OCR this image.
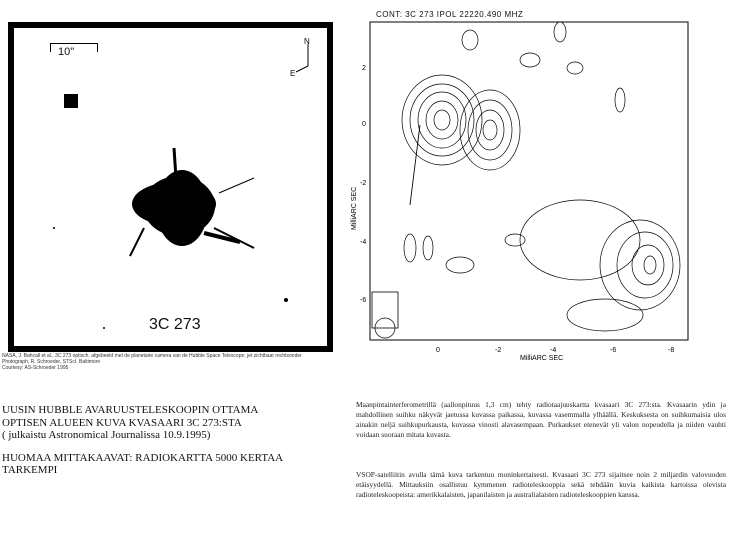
10"
N
E
3C 273
NASA, J. Bahcall et al., 3C 273 optisch, afgebeeld met de planetaire camera van de Hubble Space Telescope; jet zichtbaar rechtsonder
Photograph, R. Schroeder, STScI, Baltimore
Courtesy: AS-Schroeder 1995
CONT: 3C 273 IPOL 22220.490 MHZ
2
0
-2
-4
-6
0	-2	-4	-6	-8
MilliARC SEC
MilliARC SEC
UUSIN HUBBLE AVARUUSTELESKOOPIN OTTAMA
OPTISEN ALUEEN KUVA KVASAARI 3C 273:STA
( julkaistu Astronomical Journalissa 10.9.1995)
HUOMAA MITTAKAAVAT: RADIOKARTTA 5000 KERTAA
TARKEMPI
Maanpintainterferometrillä (aallonpituus 1,3 cm) tehty radiotaajuuskartta kvasaari 3C 273:sta. Kvasaarin ydin ja mahdollinen suihku näkyvät jaetussa kuvassa paikassa, kuvassa vasemmalla ylhäällä. Keskuksesta on suihkumaisia ulos ainakin neljä suihkupurkausta, kuvassa vinosti alavasempaan. Purkaukset etenevät yli valon nopeudella ja niiden vauhti voidaan suoraan mitata kuvasta.
VSOP-satelliitin avulla tämä kuva tarkentuu moninkertaisesti. Kvasaari 3C 273 sijaitsee noin 2 miljardin valovuoden etäisyydellä. Mittauksiin osallistuu kymmenen radioteleskooppia sekä tehdään kuvia kaikista kartoissa olevista radioteleskoopeista: amerikkalaisten, japanilaisten ja australialaisten radioteleskooppien kanssa.
